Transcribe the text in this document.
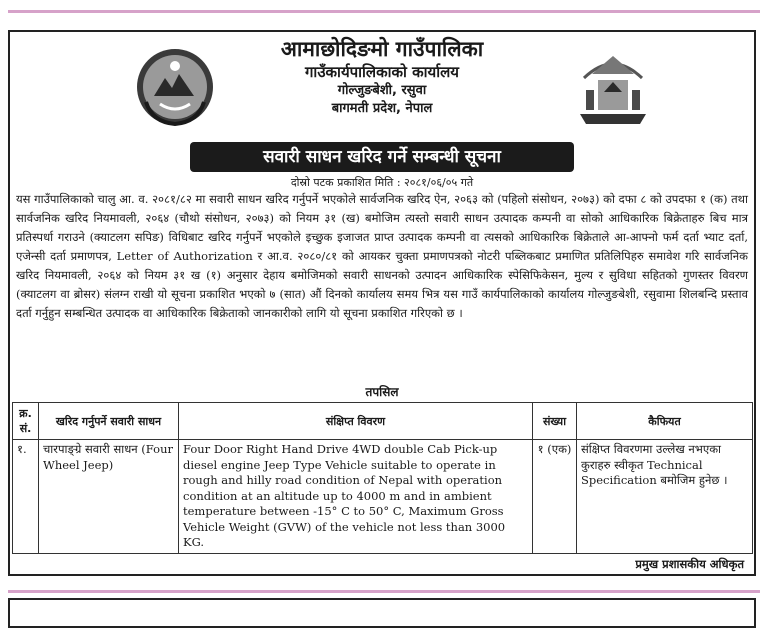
आमाछोदिङमो गाउँपालिका
गाउँकार्यपालिकाको कार्यालय
गोल्जुङबेशी, रसुवा
बागमती प्रदेश, नेपाल
सवारी साधन खरिद गर्ने सम्बन्धी सूचना
दोस्रो पटक प्रकाशित मिति : २०८१/०६/०५ गते

यस गाउँपालिकाको चालु आ. व. २०८१/८२ मा सवारी साधन खरिद गर्नुपर्ने भएकोले सार्वजनिक खरिद ऐन, २०६३ को (पहिलो संसोधन, २०७३) को दफा ८ को उपदफा १ (क) तथा सार्वजनिक खरिद नियमावली, २०६४ (चौथो संसोधन, २०७३) को नियम ३१ (ख) बमोजिम त्यस्तो सवारी साधन उत्पादक कम्पनी वा सोको आधिकारिक बिक्रेताहरु बिच मात्र प्रतिस्पर्धा गराउने (क्याटलग सपिङ) विधिबाट खरिद गर्नुपर्ने भएकोले इच्छुक इजाजत प्राप्त उत्पादक कम्पनी वा त्यसको आधिकारिक बिक्रेताले आ-आफ्नो फर्म दर्ता भ्याट दर्ता, एजेन्सी दर्ता प्रमाणपत्र, Letter of Authorization र आ.व. २०८०/८१ को आयकर चुक्ता प्रमाणपत्रको नोटरी पब्लिकबाट प्रमाणित प्रतिलिपिहरु समावेश गरि सार्वजनिक खरिद नियमावली, २०६४ को नियम ३१ ख (१) अनुसार देहाय बमोजिमको सवारी साधनको उत्पादन आधिकारिक स्पेसिफिकेसन, मुल्य र सुविधा सहितको गुणस्तर विवरण (क्याटलग वा ब्रोसर) संलग्न राखी यो सूचना प्रकाशित भएको ७ (सात) औं दिनको कार्यालय समय भित्र यस गाउँ कार्यपालिकाको कार्यालय गोल्जुङबेशी, रसुवामा शिलबन्दि प्रस्ताव दर्ता गर्नुहुन सम्बन्धित उत्पादक वा आधिकारिक बिक्रेताको जानकारीको लागि यो सूचना प्रकाशित गरिएको छ ।

तपसिल
क्र. सं.	खरिद गर्नुपर्ने सवारी साधन	संक्षिप्त विवरण	संख्या	कैफियत
१.	चारपाङ्ग्रे सवारी साधन (Four Wheel Jeep)	Four Door Right Hand Drive 4WD double Cab Pick-up diesel engine Jeep Type Vehicle suitable to operate in rough and hilly road condition of Nepal with operation condition at an altitude up to 4000 m and in ambient temperature between -15° C to 50° C, Maximum Gross Vehicle Weight (GVW) of the vehicle not less than 3000 KG.	१ (एक)	संक्षिप्त विवरणमा उल्लेख नभएका कुराहरु स्वीकृत Technical Specification बमोजिम हुनेछ ।
प्रमुख प्रशासकीय अधिकृत
